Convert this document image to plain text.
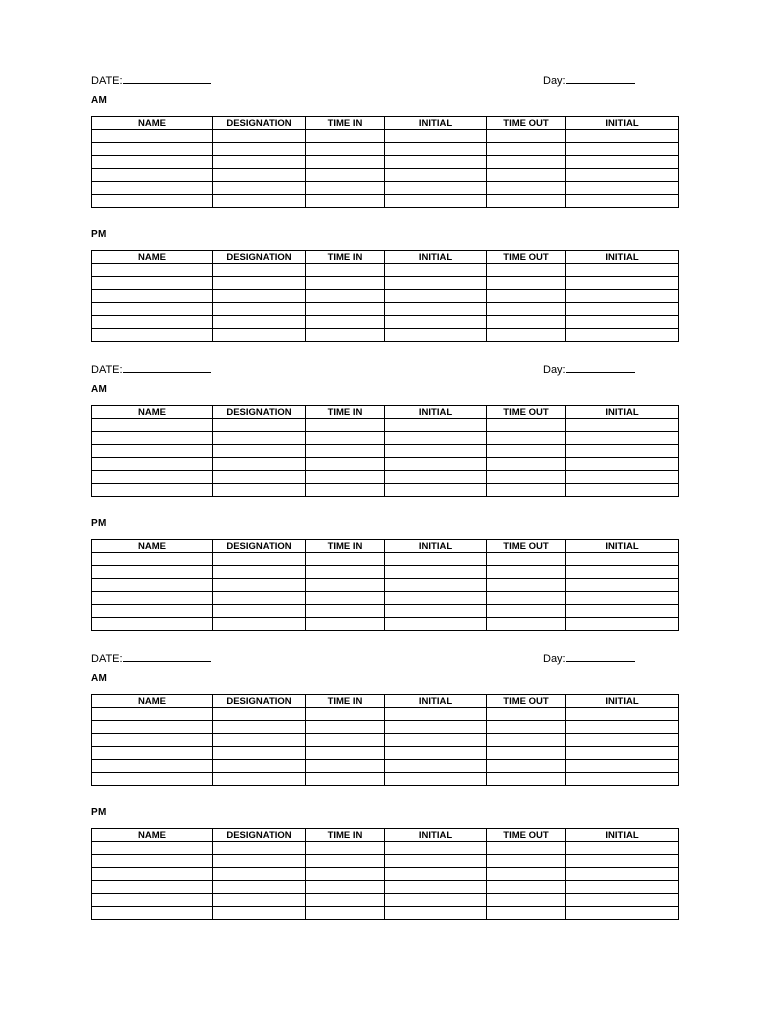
DATE:	Day:
AM
NAME	DESIGNATION	TIME IN	INITIAL	TIME OUT	INITIAL

PM
NAME	DESIGNATION	TIME IN	INITIAL	TIME OUT	INITIAL

DATE:	Day:
AM
NAME	DESIGNATION	TIME IN	INITIAL	TIME OUT	INITIAL

PM
NAME	DESIGNATION	TIME IN	INITIAL	TIME OUT	INITIAL

DATE:	Day:
AM
NAME	DESIGNATION	TIME IN	INITIAL	TIME OUT	INITIAL

PM
NAME	DESIGNATION	TIME IN	INITIAL	TIME OUT	INITIAL
